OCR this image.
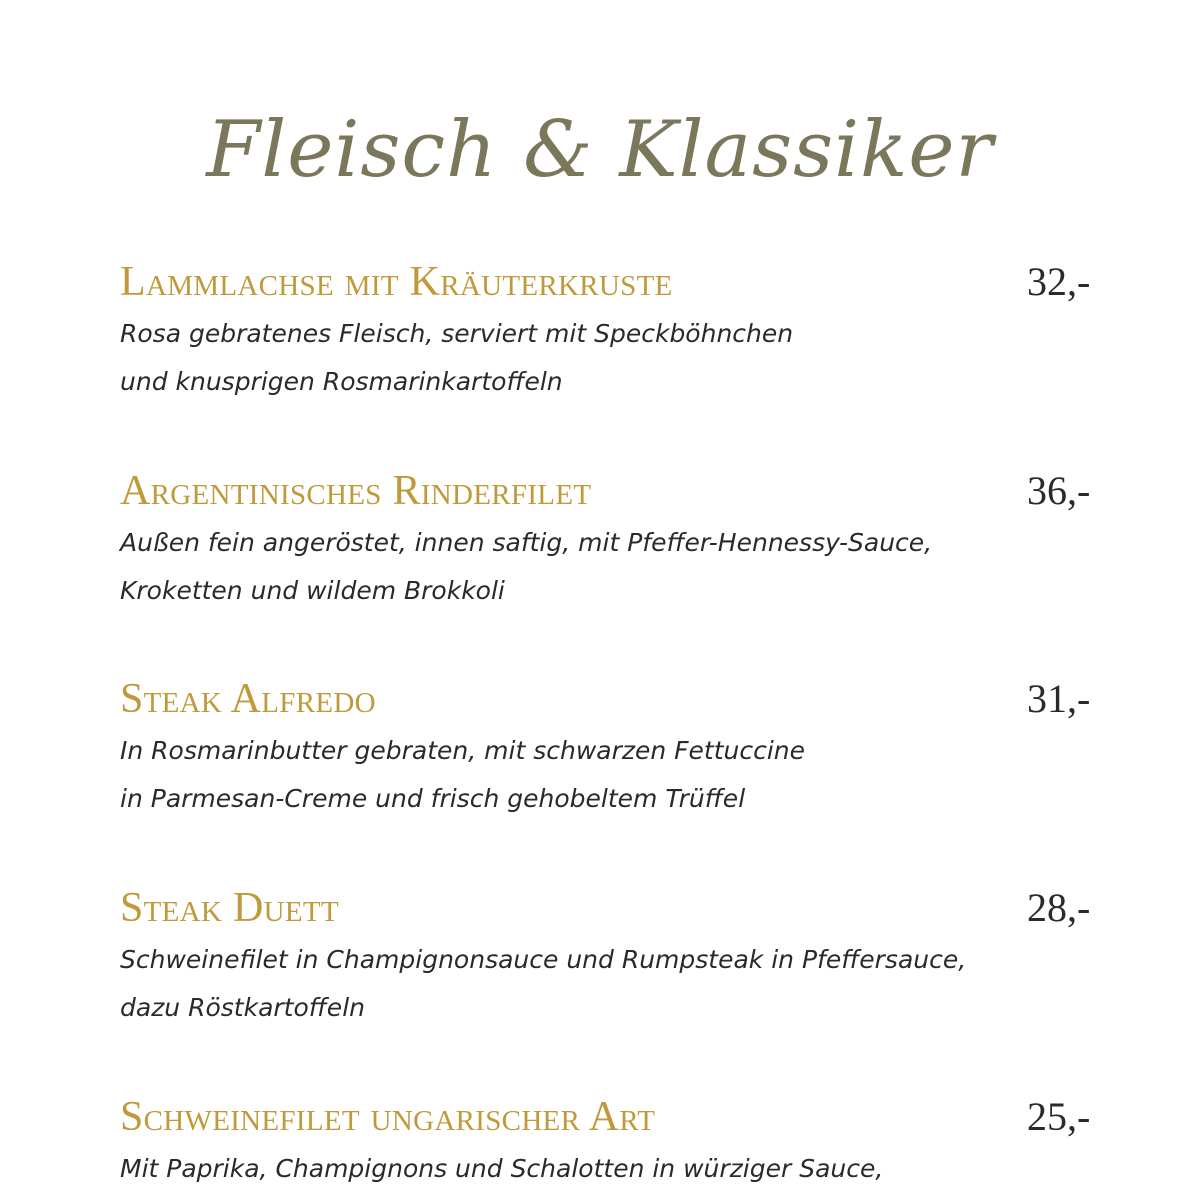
Fleisch & Klassiker
Lammlachse mit Kräuterkruste	32,-
Rosa gebratenes Fleisch, serviert mit Speckböhnchen
und knusprigen Rosmarinkartoffeln
Argentinisches Rinderfilet	36,-
Außen fein angeröstet, innen saftig, mit Pfeffer-Hennessy-Sauce,
Kroketten und wildem Brokkoli
Steak Alfredo	31,-
In Rosmarinbutter gebraten, mit schwarzen Fettuccine
in Parmesan-Creme und frisch gehobeltem Trüffel
Steak Duett	28,-
Schweinefilet in Champignonsauce und Rumpsteak in Pfeffersauce,
dazu Röstkartoffeln
Schweinefilet ungarischer Art	25,-
Mit Paprika, Champignons und Schalotten in würziger Sauce,
